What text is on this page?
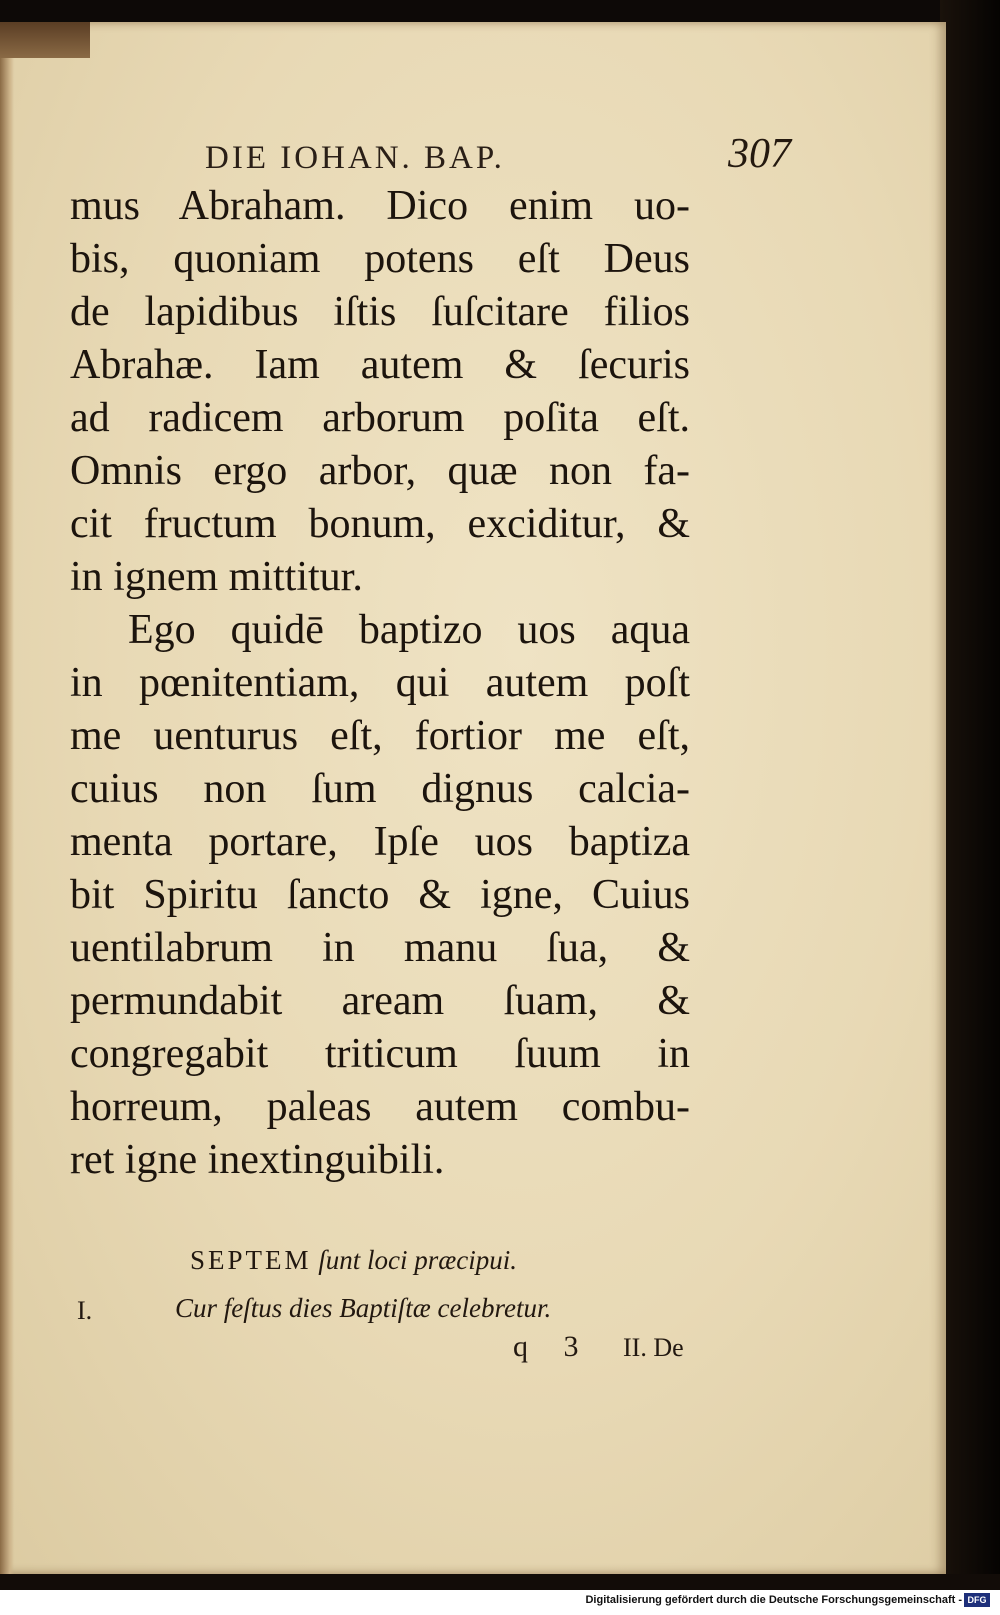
DIE IOHAN. BAP.	307
mus Abraham. Dico enim uo-
bis, quoniam potens eſt Deus
de lapidibus iſtis ſuſcitare filios
Abrahæ. Iam autem & ſecuris
ad radicem arborum poſita eſt.
Omnis ergo arbor, quæ non fa-
cit fructum bonum, exciditur, &
in ignem mittitur.
Ego quidē baptizo uos aqua
in pœnitentiam, qui autem poſt
me uenturus eſt, fortior me eſt,
cuius non ſum dignus calcia-
menta portare, Ipſe uos baptiza
bit Spiritu ſancto & igne, Cuius
uentilabrum in manu ſua, &
permundabit aream ſuam, &
congregabit triticum ſuum in
horreum, paleas autem combu-
ret igne inextinguibili.
SEPTEM ſunt loci præcipui.
I.	Cur feſtus dies Baptiſtæ celebretur.
q 3 II. De
Digitalisierung gefördert durch die Deutsche Forschungsgemeinschaft - DFG
